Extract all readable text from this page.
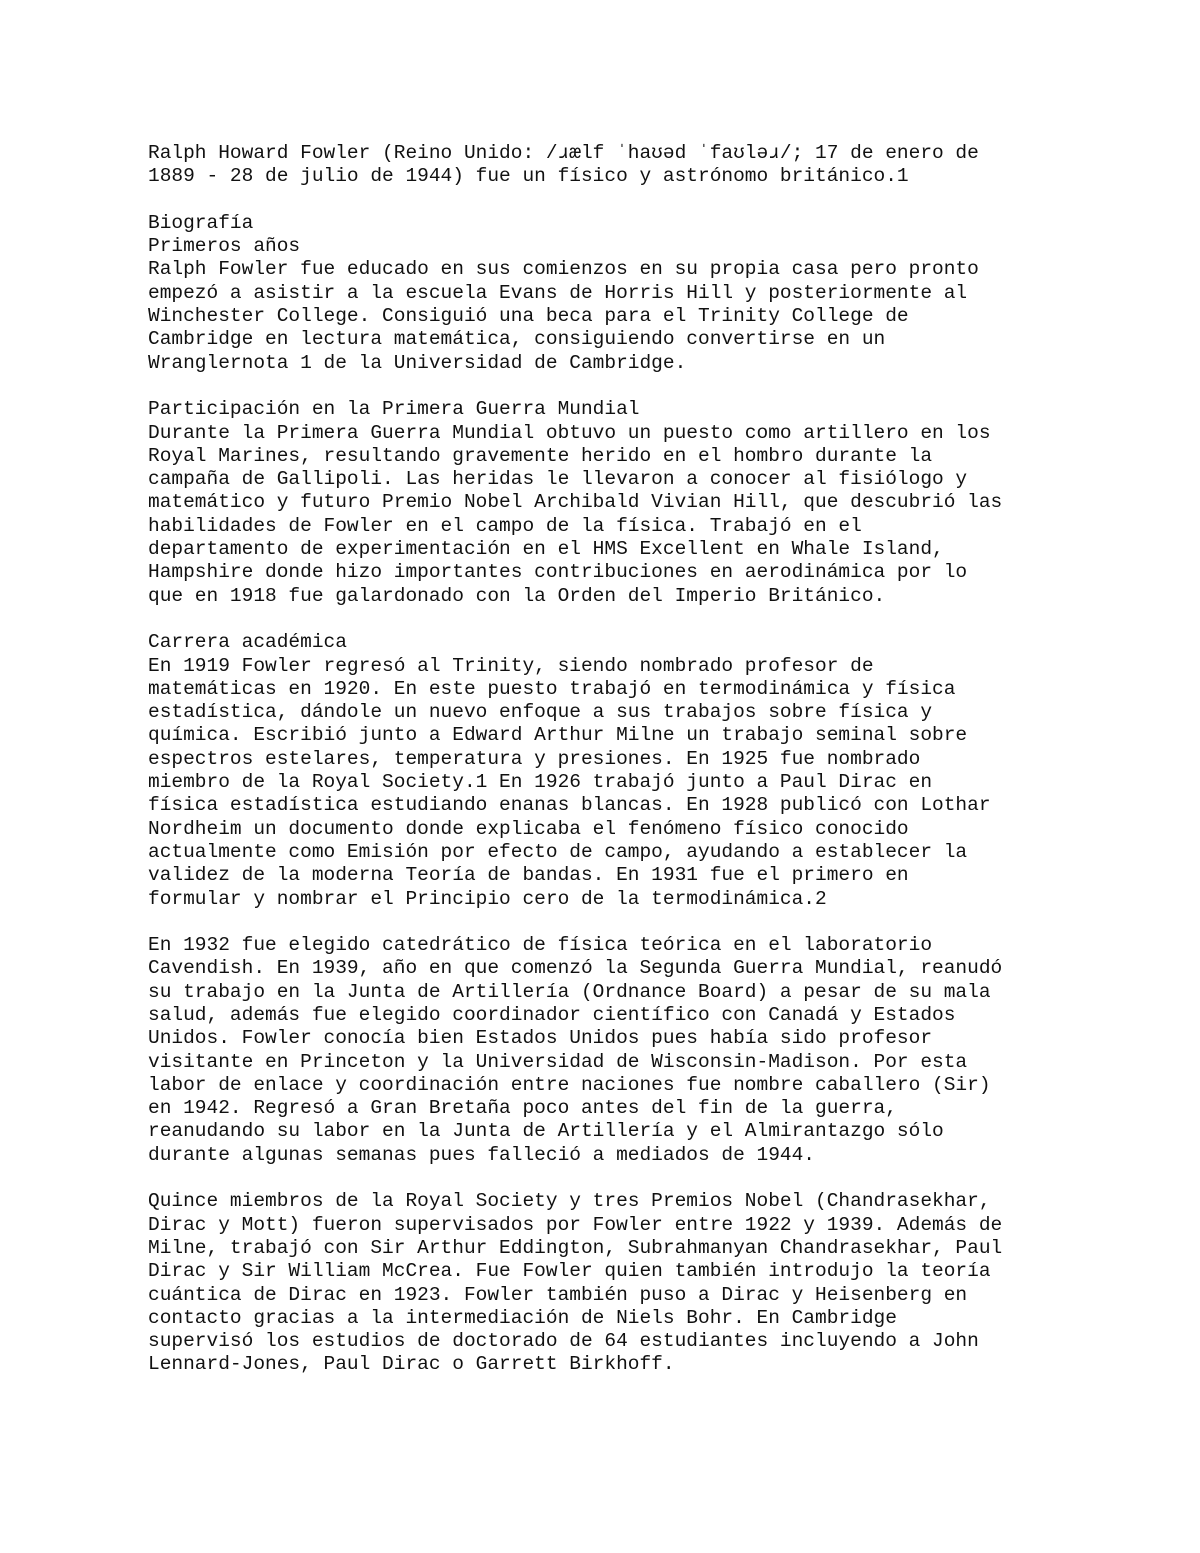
Ralph Howard Fowler (Reino Unido: /ɹælf ˈhaʊəd ˈfaʊləɹ/; 17 de enero de
1889 - 28 de julio de 1944) fue un físico y astrónomo británico.1
Biografía
Primeros años
Ralph Fowler fue educado en sus comienzos en su propia casa pero pronto
empezó a asistir a la escuela Evans de Horris Hill y posteriormente al
Winchester College. Consiguió una beca para el Trinity College de
Cambridge en lectura matemática, consiguiendo convertirse en un
Wranglernota 1 de la Universidad de Cambridge.
Participación en la Primera Guerra Mundial
Durante la Primera Guerra Mundial obtuvo un puesto como artillero en los
Royal Marines, resultando gravemente herido en el hombro durante la
campaña de Gallipoli. Las heridas le llevaron a conocer al fisiólogo y
matemático y futuro Premio Nobel Archibald Vivian Hill, que descubrió las
habilidades de Fowler en el campo de la física. Trabajó en el
departamento de experimentación en el HMS Excellent en Whale Island,
Hampshire donde hizo importantes contribuciones en aerodinámica por lo
que en 1918 fue galardonado con la Orden del Imperio Británico.
Carrera académica
En 1919 Fowler regresó al Trinity, siendo nombrado profesor de
matemáticas en 1920. En este puesto trabajó en termodinámica y física
estadística, dándole un nuevo enfoque a sus trabajos sobre física y
química. Escribió junto a Edward Arthur Milne un trabajo seminal sobre
espectros estelares, temperatura y presiones. En 1925 fue nombrado
miembro de la Royal Society.1 En 1926 trabajó junto a Paul Dirac en
física estadística estudiando enanas blancas. En 1928 publicó con Lothar
Nordheim un documento donde explicaba el fenómeno físico conocido
actualmente como Emisión por efecto de campo, ayudando a establecer la
validez de la moderna Teoría de bandas. En 1931 fue el primero en
formular y nombrar el Principio cero de la termodinámica.2
En 1932 fue elegido catedrático de física teórica en el laboratorio
Cavendish. En 1939, año en que comenzó la Segunda Guerra Mundial, reanudó
su trabajo en la Junta de Artillería (Ordnance Board) a pesar de su mala
salud, además fue elegido coordinador científico con Canadá y Estados
Unidos. Fowler conocía bien Estados Unidos pues había sido profesor
visitante en Princeton y la Universidad de Wisconsin-Madison. Por esta
labor de enlace y coordinación entre naciones fue nombre caballero (Sir)
en 1942. Regresó a Gran Bretaña poco antes del fin de la guerra,
reanudando su labor en la Junta de Artillería y el Almirantazgo sólo
durante algunas semanas pues falleció a mediados de 1944.
Quince miembros de la Royal Society y tres Premios Nobel (Chandrasekhar,
Dirac y Mott) fueron supervisados por Fowler entre 1922 y 1939. Además de
Milne, trabajó con Sir Arthur Eddington, Subrahmanyan Chandrasekhar, Paul
Dirac y Sir William McCrea. Fue Fowler quien también introdujo la teoría
cuántica de Dirac en 1923. Fowler también puso a Dirac y Heisenberg en
contacto gracias a la intermediación de Niels Bohr. En Cambridge
supervisó los estudios de doctorado de 64 estudiantes incluyendo a John
Lennard-Jones, Paul Dirac o Garrett Birkhoff.
